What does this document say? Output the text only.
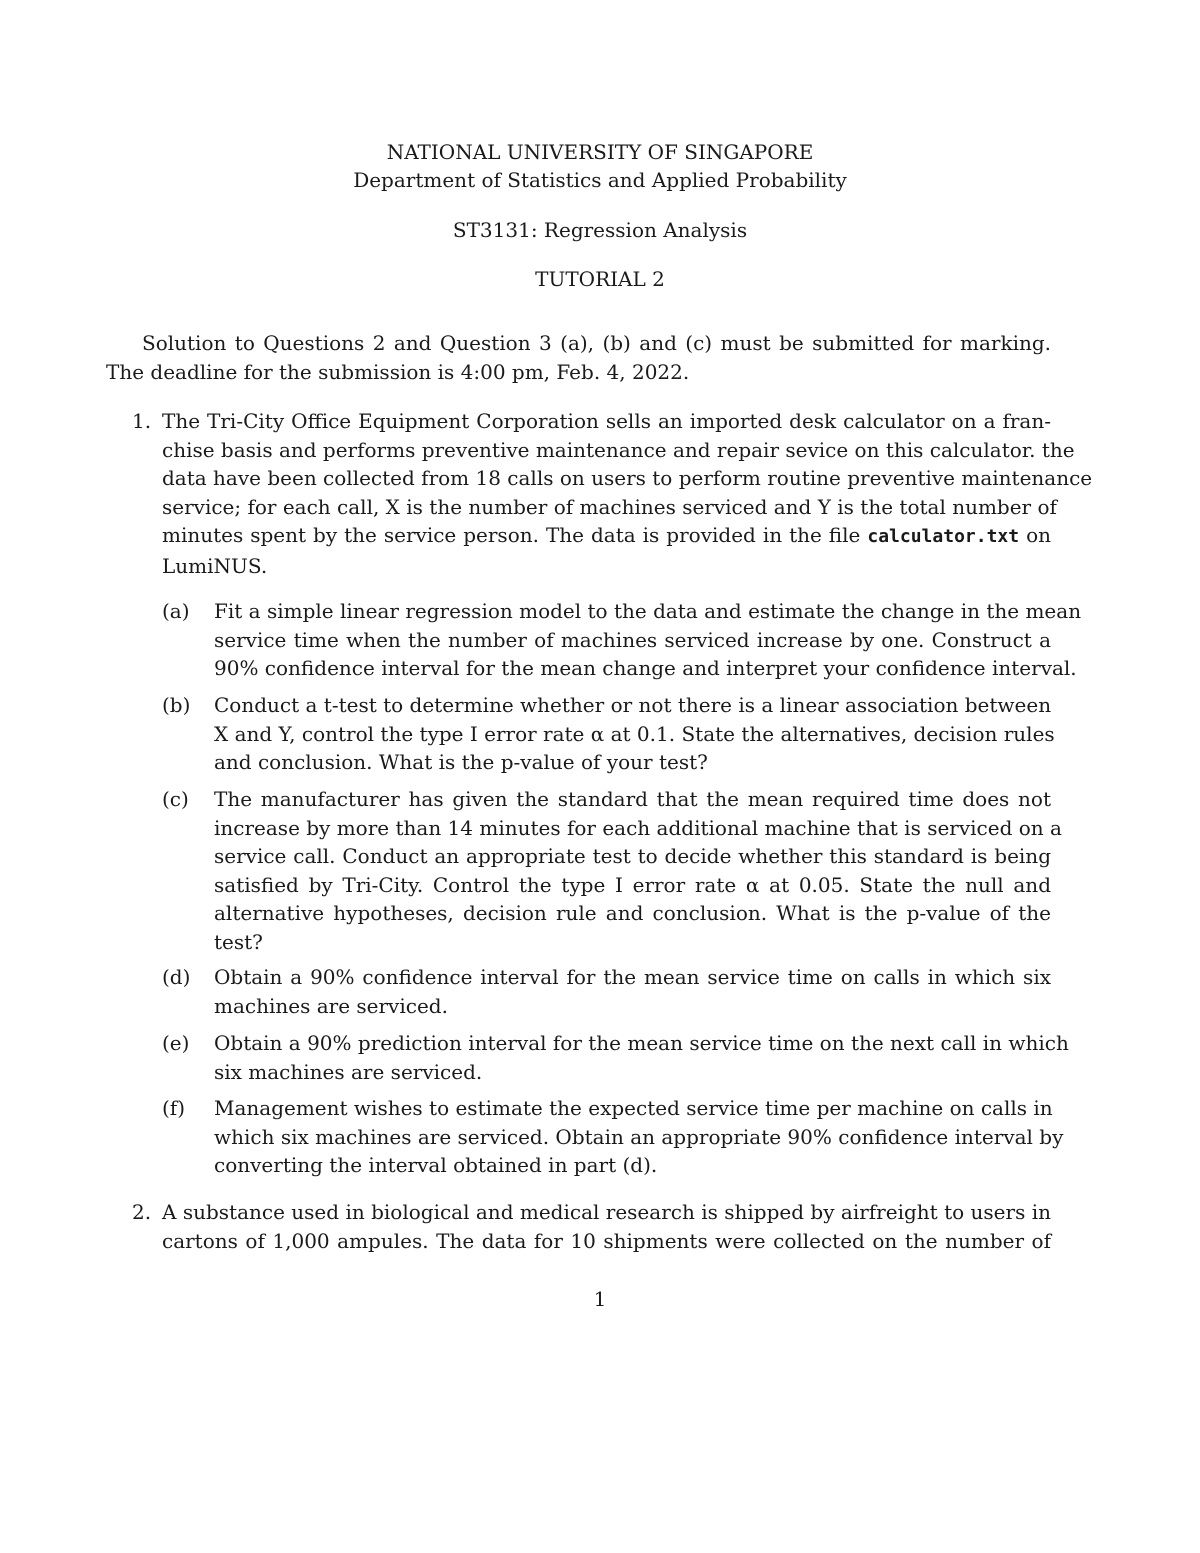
NATIONAL UNIVERSITY OF SINGAPORE
Department of Statistics and Applied Probability
ST3131: Regression Analysis
TUTORIAL 2
Solution to Questions 2 and Question 3 (a), (b) and (c) must be submitted for marking.
The deadline for the submission is 4:00 pm, Feb. 4, 2022.
1. The Tri-City Office Equipment Corporation sells an imported desk calculator on a fran-
chise basis and performs preventive maintenance and repair sevice on this calculator. the
data have been collected from 18 calls on users to perform routine preventive maintenance
service; for each call, X is the number of machines serviced and Y is the total number of
minutes spent by the service person. The data is provided in the file calculator.txt on
LumiNUS.
(a)	Fit a simple linear regression model to the data and estimate the change in the mean
service time when the number of machines serviced increase by one. Construct a
90% confidence interval for the mean change and interpret your confidence interval.
(b)	Conduct a t-test to determine whether or not there is a linear association between
X and Y, control the type I error rate α at 0.1. State the alternatives, decision rules
and conclusion. What is the p-value of your test?
(c)	The manufacturer has given the standard that the mean required time does not
increase by more than 14 minutes for each additional machine that is serviced on a
service call. Conduct an appropriate test to decide whether this standard is being
satisfied by Tri-City. Control the type I error rate α at 0.05. State the null and
alternative hypotheses, decision rule and conclusion. What is the p-value of the
test?
(d)	Obtain a 90% confidence interval for the mean service time on calls in which six
machines are serviced.
(e)	Obtain a 90% prediction interval for the mean service time on the next call in which
six machines are serviced.
(f)	Management wishes to estimate the expected service time per machine on calls in
which six machines are serviced. Obtain an appropriate 90% confidence interval by
converting the interval obtained in part (d).
2. A substance used in biological and medical research is shipped by airfreight to users in
cartons of 1,000 ampules. The data for 10 shipments were collected on the number of
1
